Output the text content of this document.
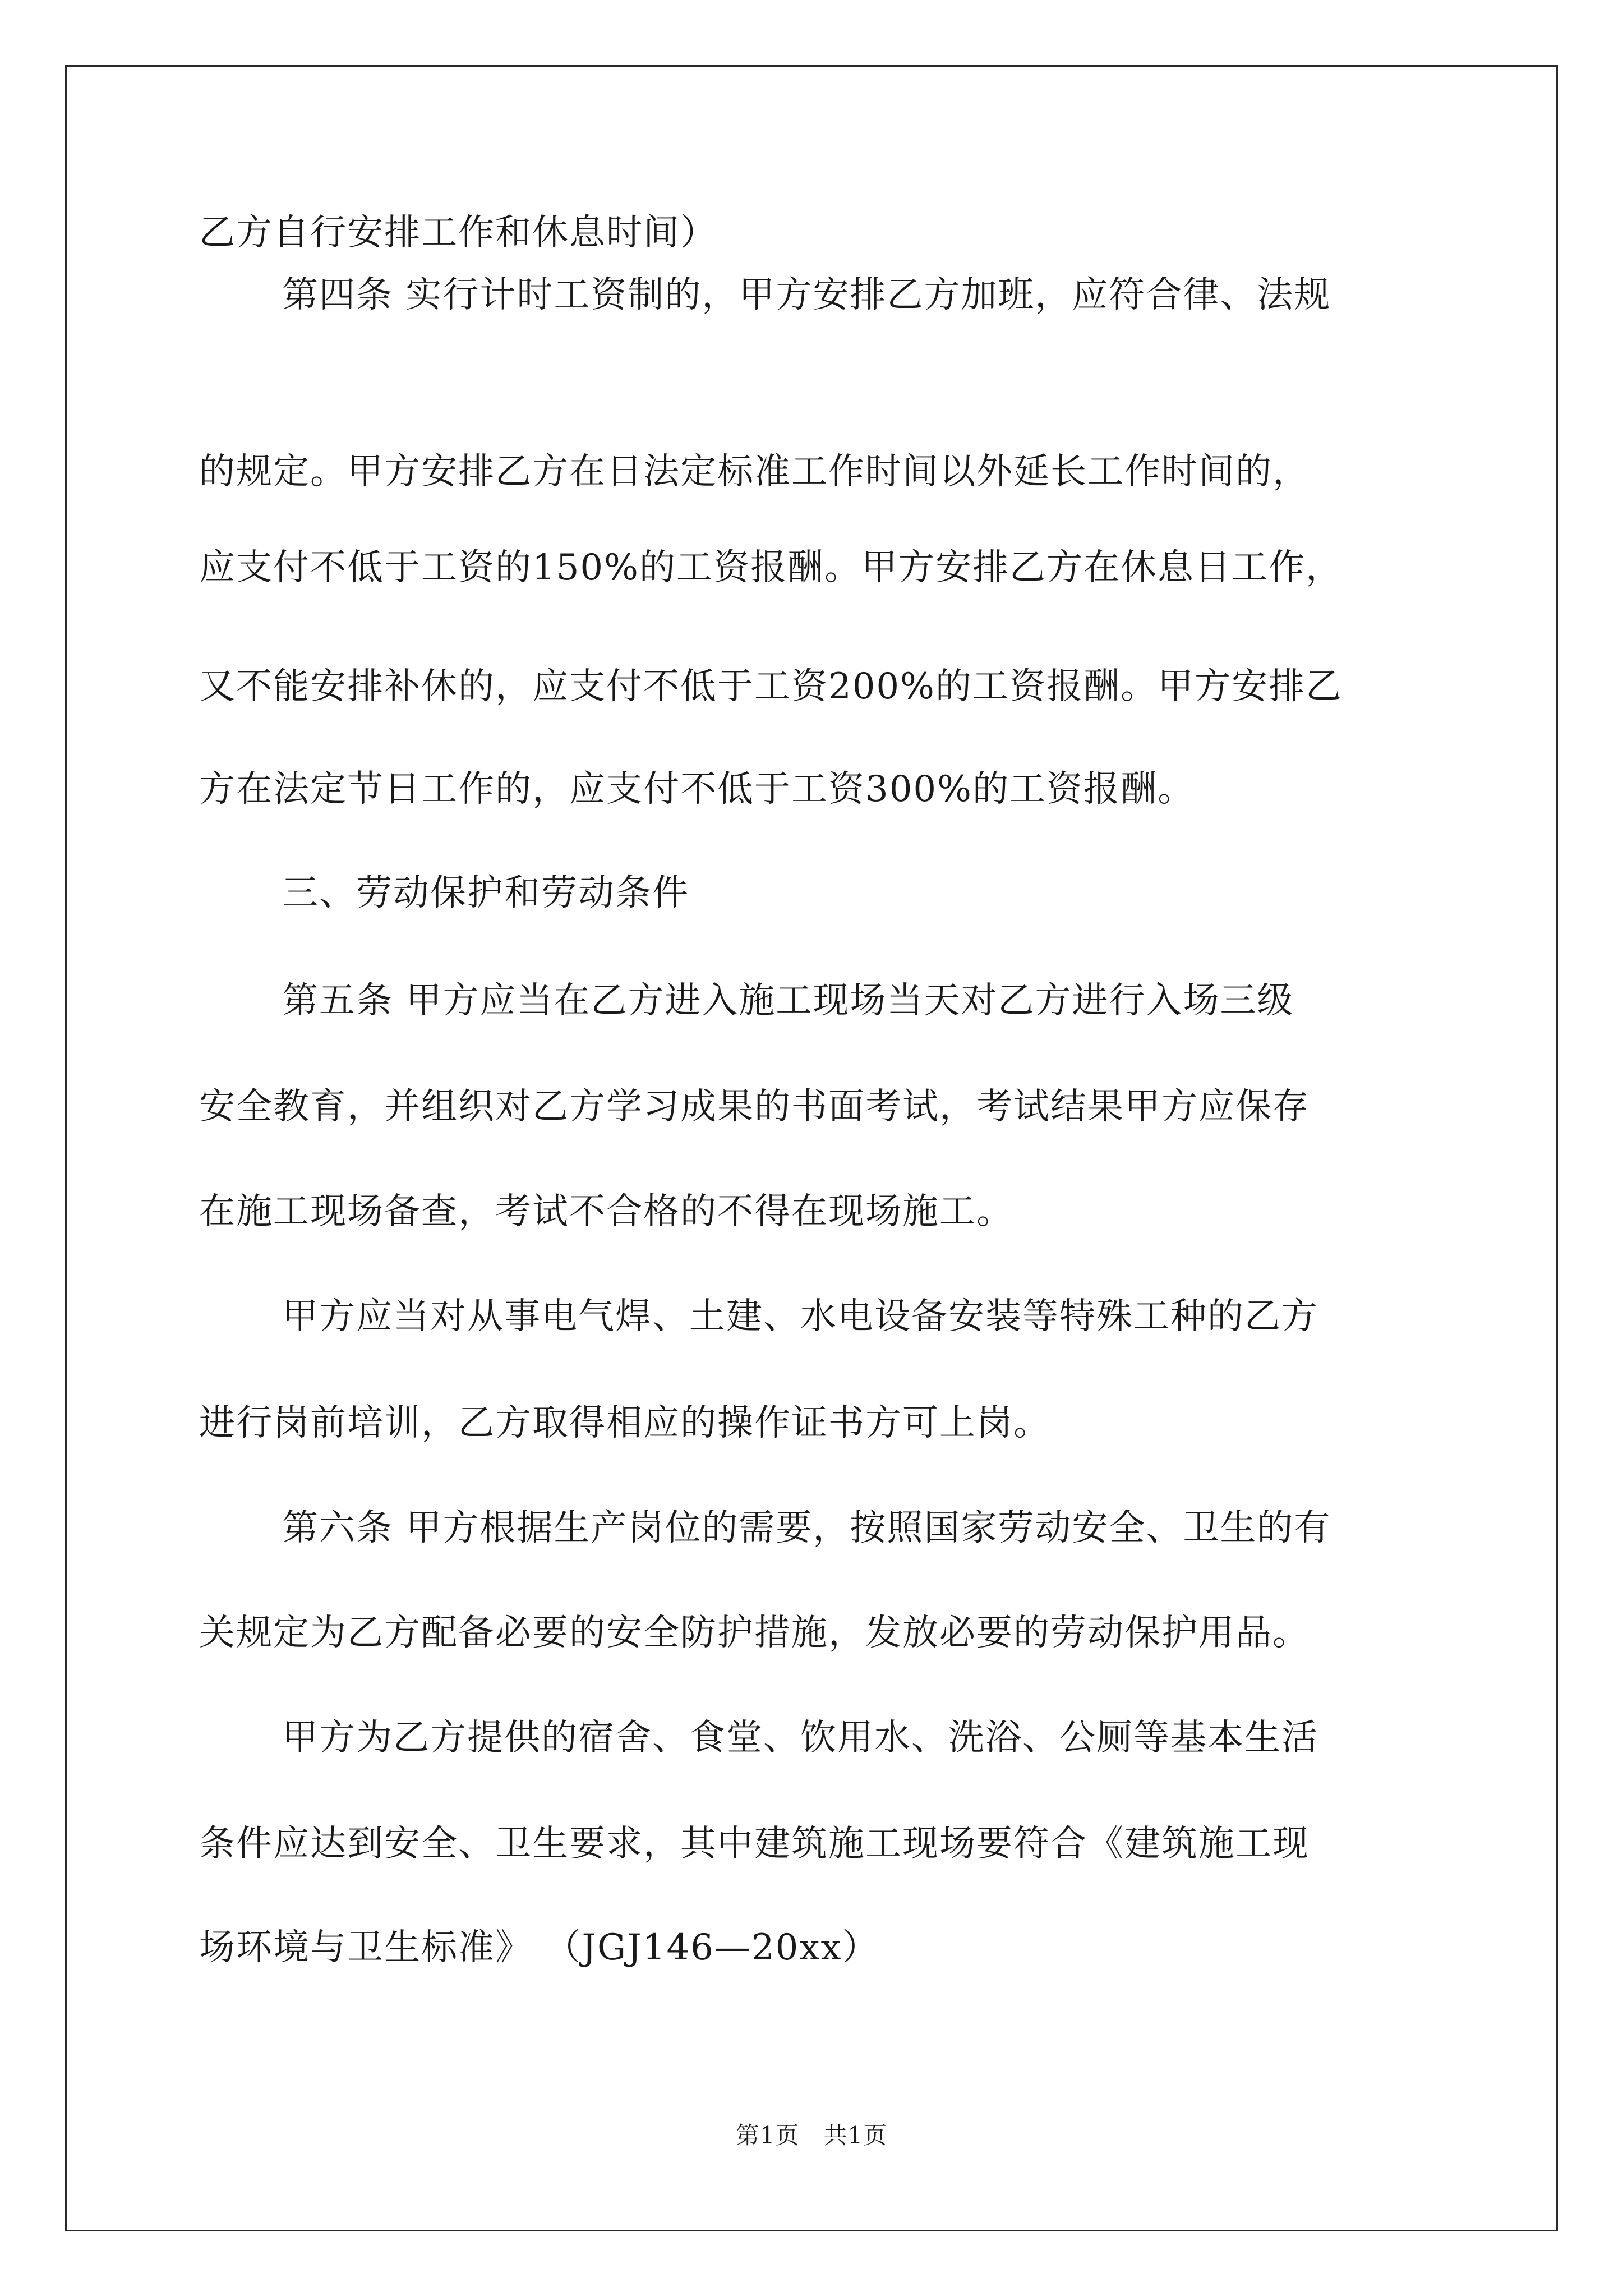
乙方自行安排工作和休息时间）
第四条 实行计时工资制的，甲方安排乙方加班，应符合律、法规
的规定。甲方安排乙方在日法定标准工作时间以外延长工作时间的，
应支付不低于工资的150%的工资报酬。甲方安排乙方在休息日工作，
又不能安排补休的，应支付不低于工资200%的工资报酬。甲方安排乙
方在法定节日工作的，应支付不低于工资300%的工资报酬。
三、劳动保护和劳动条件
第五条 甲方应当在乙方进入施工现场当天对乙方进行入场三级
安全教育，并组织对乙方学习成果的书面考试，考试结果甲方应保存
在施工现场备查，考试不合格的不得在现场施工。
甲方应当对从事电气焊、土建、水电设备安装等特殊工种的乙方
进行岗前培训，乙方取得相应的操作证书方可上岗。
第六条 甲方根据生产岗位的需要，按照国家劳动安全、卫生的有
关规定为乙方配备必要的安全防护措施，发放必要的劳动保护用品。
甲方为乙方提供的宿舍、食堂、饮用水、洗浴、公厕等基本生活
条件应达到安全、卫生要求，其中建筑施工现场要符合《建筑施工现
场环境与卫生标准》 （JGJ146—20xx）
第1页　共1页
